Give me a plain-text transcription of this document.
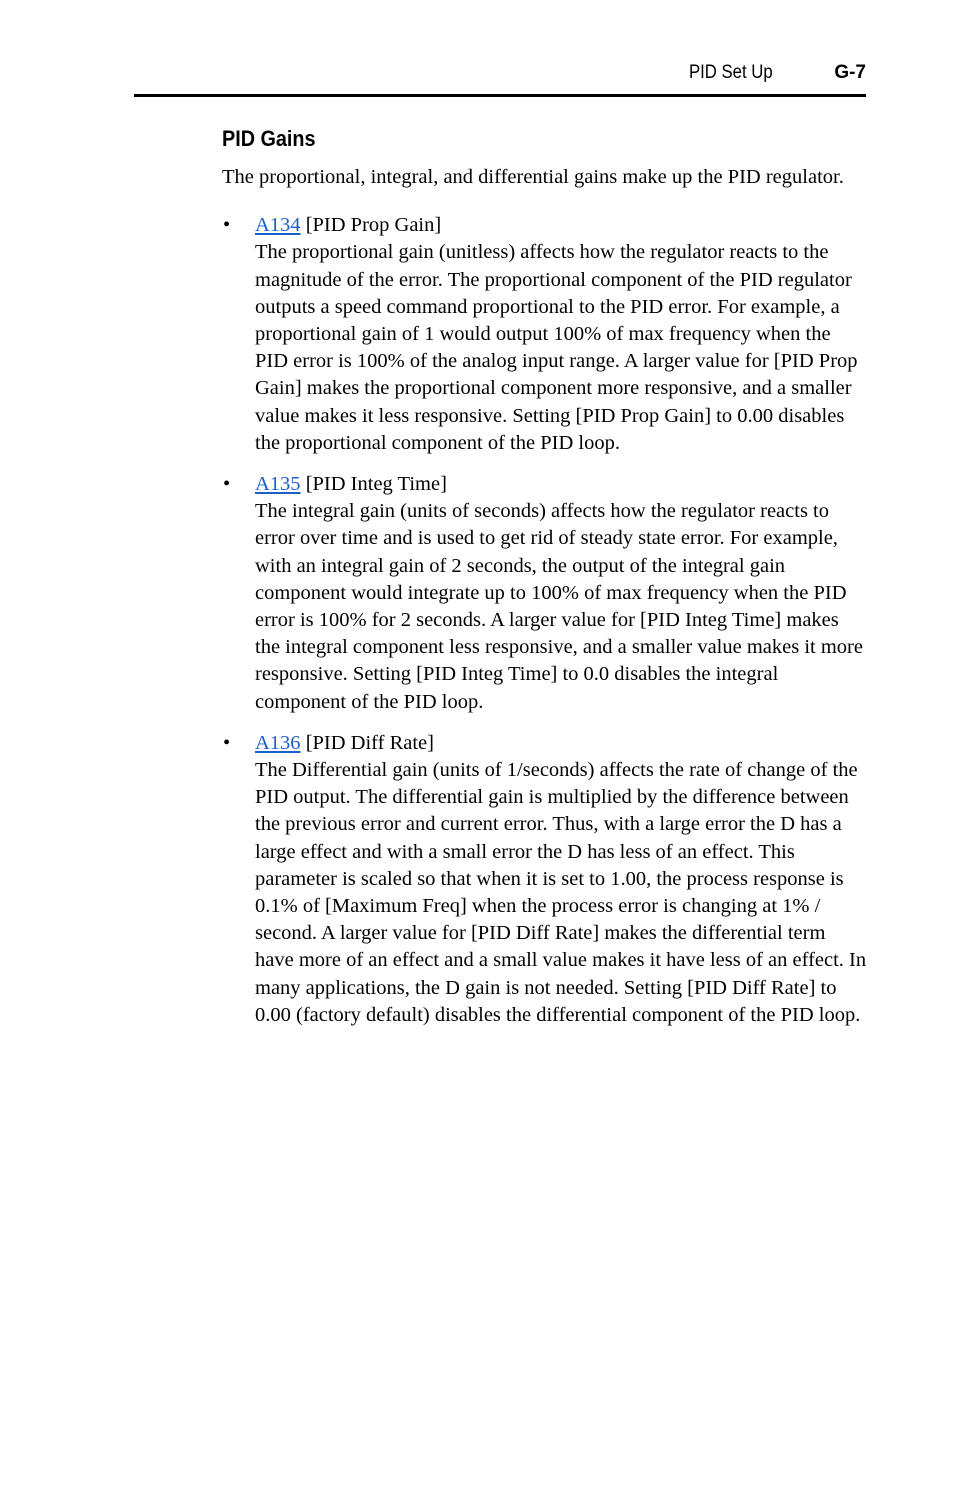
PID Set Up	G-7
PID Gains

The proportional, integral, and differential gains make up the PID regulator.

• A134 [PID Prop Gain]
The proportional gain (unitless) affects how the regulator reacts to the magnitude of the error. The proportional component of the PID regulator outputs a speed command proportional to the PID error. For example, a proportional gain of 1 would output 100% of max frequency when the PID error is 100% of the analog input range. A larger value for [PID Prop Gain] makes the proportional component more responsive, and a smaller value makes it less responsive. Setting [PID Prop Gain] to 0.00 disables the proportional component of the PID loop.
• A135 [PID Integ Time]
The integral gain (units of seconds) affects how the regulator reacts to error over time and is used to get rid of steady state error. For example, with an integral gain of 2 seconds, the output of the integral gain component would integrate up to 100% of max frequency when the PID error is 100% for 2 seconds. A larger value for [PID Integ Time] makes the integral component less responsive, and a smaller value makes it more responsive. Setting [PID Integ Time] to 0.0 disables the integral component of the PID loop.
• A136 [PID Diff Rate]
The Differential gain (units of 1/seconds) affects the rate of change of the PID output. The differential gain is multiplied by the difference between the previous error and current error. Thus, with a large error the D has a large effect and with a small error the D has less of an effect. This parameter is scaled so that when it is set to 1.00, the process response is 0.1% of [Maximum Freq] when the process error is changing at 1% / second. A larger value for [PID Diff Rate] makes the differential term have more of an effect and a small value makes it have less of an effect. In many applications, the D gain is not needed. Setting [PID Diff Rate] to 0.00 (factory default) disables the differential component of the PID loop.
